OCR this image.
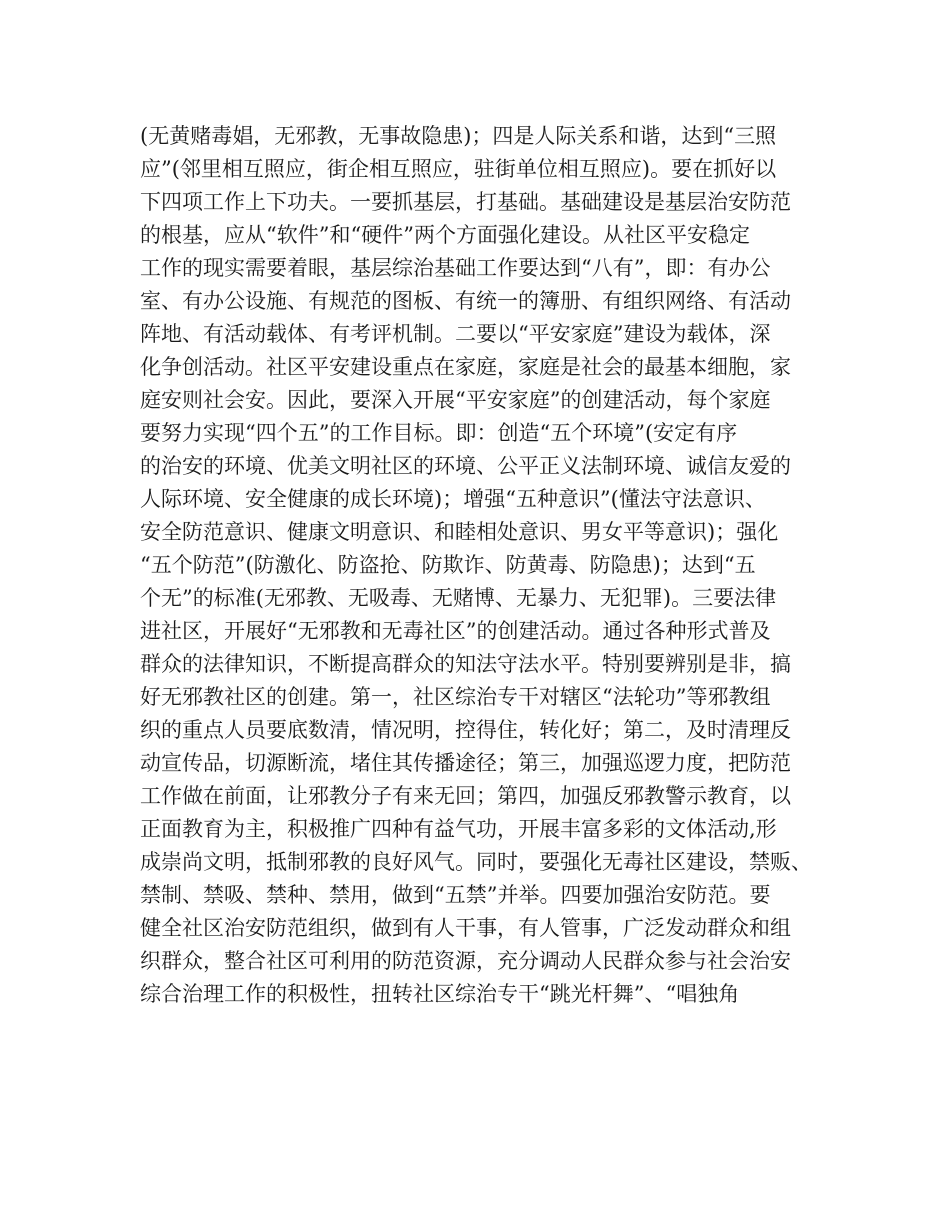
(无黄赌毒娼，无邪教，无事故隐患)；四是人际关系和谐，达到“三照
应”(邻里相互照应，街企相互照应，驻街单位相互照应)。要在抓好以
下四项工作上下功夫。一要抓基层，打基础。基础建设是基层治安防范
的根基，应从“软件”和“硬件”两个方面强化建设。从社区平安稳定
工作的现实需要着眼，基层综治基础工作要达到“八有”，即：有办公
室、有办公设施、有规范的图板、有统一的簿册、有组织网络、有活动
阵地、有活动载体、有考评机制。二要以“平安家庭”建设为载体，深
化争创活动。社区平安建设重点在家庭，家庭是社会的最基本细胞，家
庭安则社会安。因此，要深入开展“平安家庭”的创建活动，每个家庭
要努力实现“四个五”的工作目标。即：创造“五个环境”(安定有序
的治安的环境、优美文明社区的环境、公平正义法制环境、诚信友爱的
人际环境、安全健康的成长环境)；增强“五种意识”(懂法守法意识、
安全防范意识、健康文明意识、和睦相处意识、男女平等意识)；强化
“五个防范”(防激化、防盗抢、防欺诈、防黄毒、防隐患)；达到“五
个无”的标准(无邪教、无吸毒、无赌博、无暴力、无犯罪)。三要法律
进社区，开展好“无邪教和无毒社区”的创建活动。通过各种形式普及
群众的法律知识，不断提高群众的知法守法水平。特别要辨别是非，搞
好无邪教社区的创建。第一，社区综治专干对辖区“法轮功”等邪教组
织的重点人员要底数清，情况明，控得住，转化好；第二，及时清理反
动宣传品，切源断流，堵住其传播途径；第三，加强巡逻力度，把防范
工作做在前面，让邪教分子有来无回；第四，加强反邪教警示教育，以
正面教育为主，积极推广四种有益气功，开展丰富多彩的文体活动,形
成崇尚文明，抵制邪教的良好风气。同时，要强化无毒社区建设，禁贩、
禁制、禁吸、禁种、禁用，做到“五禁”并举。四要加强治安防范。要
健全社区治安防范组织，做到有人干事，有人管事，广泛发动群众和组
织群众，整合社区可利用的防范资源，充分调动人民群众参与社会治安
综合治理工作的积极性，扭转社区综治专干“跳光杆舞”、“唱独角
